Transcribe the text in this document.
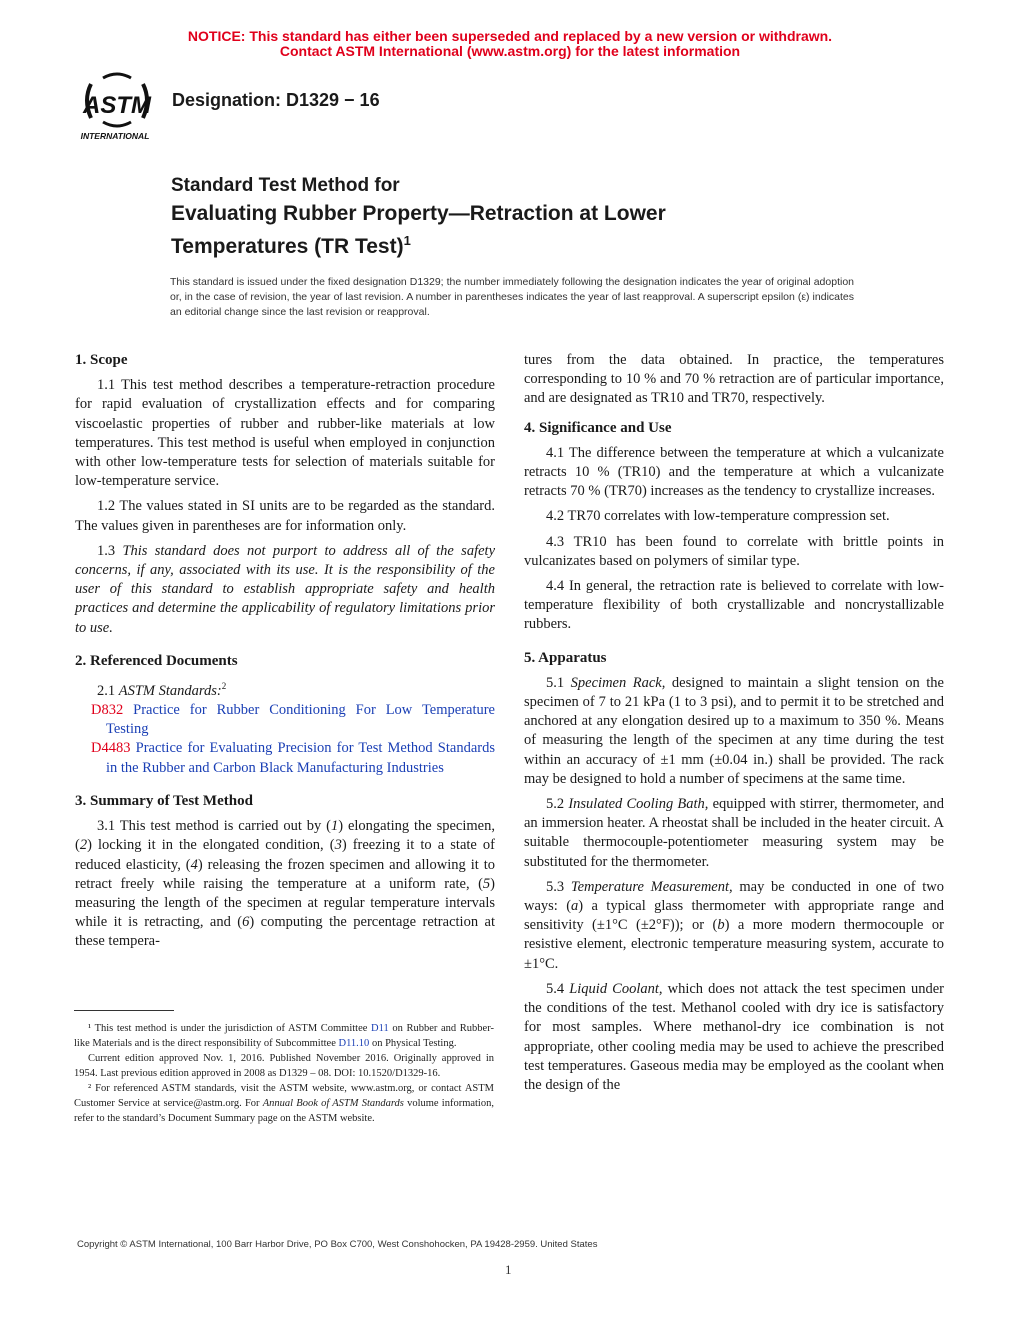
NOTICE: This standard has either been superseded and replaced by a new version or withdrawn.
Contact ASTM International (www.astm.org) for the latest information
ASTM
INTERNATIONAL
Designation: D1329 − 16
Standard Test Method for
Evaluating Rubber Property—Retraction at Lower
Temperatures (TR Test)$^1$
This standard is issued under the fixed designation D1329; the number immediately following the designation indicates the year of original adoption or, in the case of revision, the year of last revision. A number in parentheses indicates the year of last reapproval. A superscript epsilon (ε) indicates an editorial change since the last revision or reapproval.

1. Scope

1.1 This test method describes a temperature-retraction procedure for rapid evaluation of crystallization effects and for comparing viscoelastic properties of rubber and rubber-like materials at low temperatures. This test method is useful when employed in conjunction with other low-temperature tests for selection of materials suitable for low-temperature service.

1.2 The values stated in SI units are to be regarded as the standard. The values given in parentheses are for information only.

1.3 This standard does not purport to address all of the safety concerns, if any, associated with its use. It is the responsibility of the user of this standard to establish appropriate safety and health practices and determine the applicability of regulatory limitations prior to use.

2. Referenced Documents

2.1 ASTM Standards:$^2$

D832 Practice for Rubber Conditioning For Low Temperature Testing

D4483 Practice for Evaluating Precision for Test Method Standards in the Rubber and Carbon Black Manufacturing Industries

3. Summary of Test Method

3.1 This test method is carried out by (1) elongating the specimen, (2) locking it in the elongated condition, (3) freezing it to a state of reduced elasticity, (4) releasing the frozen specimen and allowing it to retract freely while raising the temperature at a uniform rate, (5) measuring the length of the specimen at regular temperature intervals while it is retracting, and (6) computing the percentage retraction at these tempera-

¹ This test method is under the jurisdiction of ASTM Committee D11 on Rubber and Rubber-like Materials and is the direct responsibility of Subcommittee D11.10 on Physical Testing.

Current edition approved Nov. 1, 2016. Published November 2016. Originally approved in 1954. Last previous edition approved in 2008 as D1329 – 08. DOI: 10.1520/D1329-16.

² For referenced ASTM standards, visit the ASTM website, www.astm.org, or contact ASTM Customer Service at service@astm.org. For Annual Book of ASTM Standards volume information, refer to the standard’s Document Summary page on the ASTM website.

tures from the data obtained. In practice, the temperatures corresponding to 10 % and 70 % retraction are of particular importance, and are designated as TR10 and TR70, respectively.

4. Significance and Use

4.1 The difference between the temperature at which a vulcanizate retracts 10 % (TR10) and the temperature at which a vulcanizate retracts 70 % (TR70) increases as the tendency to crystallize increases.

4.2 TR70 correlates with low-temperature compression set.

4.3 TR10 has been found to correlate with brittle points in vulcanizates based on polymers of similar type.

4.4 In general, the retraction rate is believed to correlate with low-temperature flexibility of both crystallizable and noncrystallizable rubbers.

5. Apparatus

5.1 Specimen Rack, designed to maintain a slight tension on the specimen of 7 to 21 kPa (1 to 3 psi), and to permit it to be stretched and anchored at any elongation desired up to a maximum to 350 %. Means of measuring the length of the specimen at any time during the test within an accuracy of ±1 mm (±0.04 in.) shall be provided. The rack may be designed to hold a number of specimens at the same time.

5.2 Insulated Cooling Bath, equipped with stirrer, thermometer, and an immersion heater. A rheostat shall be included in the heater circuit. A suitable thermocouple-potentiometer measuring system may be substituted for the thermometer.

5.3 Temperature Measurement, may be conducted in one of two ways: (a) a typical glass thermometer with appropriate range and sensitivity (±1°C (±2°F)); or (b) a more modern thermocouple or resistive element, electronic temperature measuring system, accurate to ±1°C.

5.4 Liquid Coolant, which does not attack the test specimen under the conditions of the test. Methanol cooled with dry ice is satisfactory for most samples. Where methanol-dry ice combination is not appropriate, other cooling media may be used to achieve the prescribed test temperatures. Gaseous media may be employed as the coolant when the design of the

Copyright © ASTM International, 100 Barr Harbor Drive, PO Box C700, West Conshohocken, PA 19428-2959. United States
1
